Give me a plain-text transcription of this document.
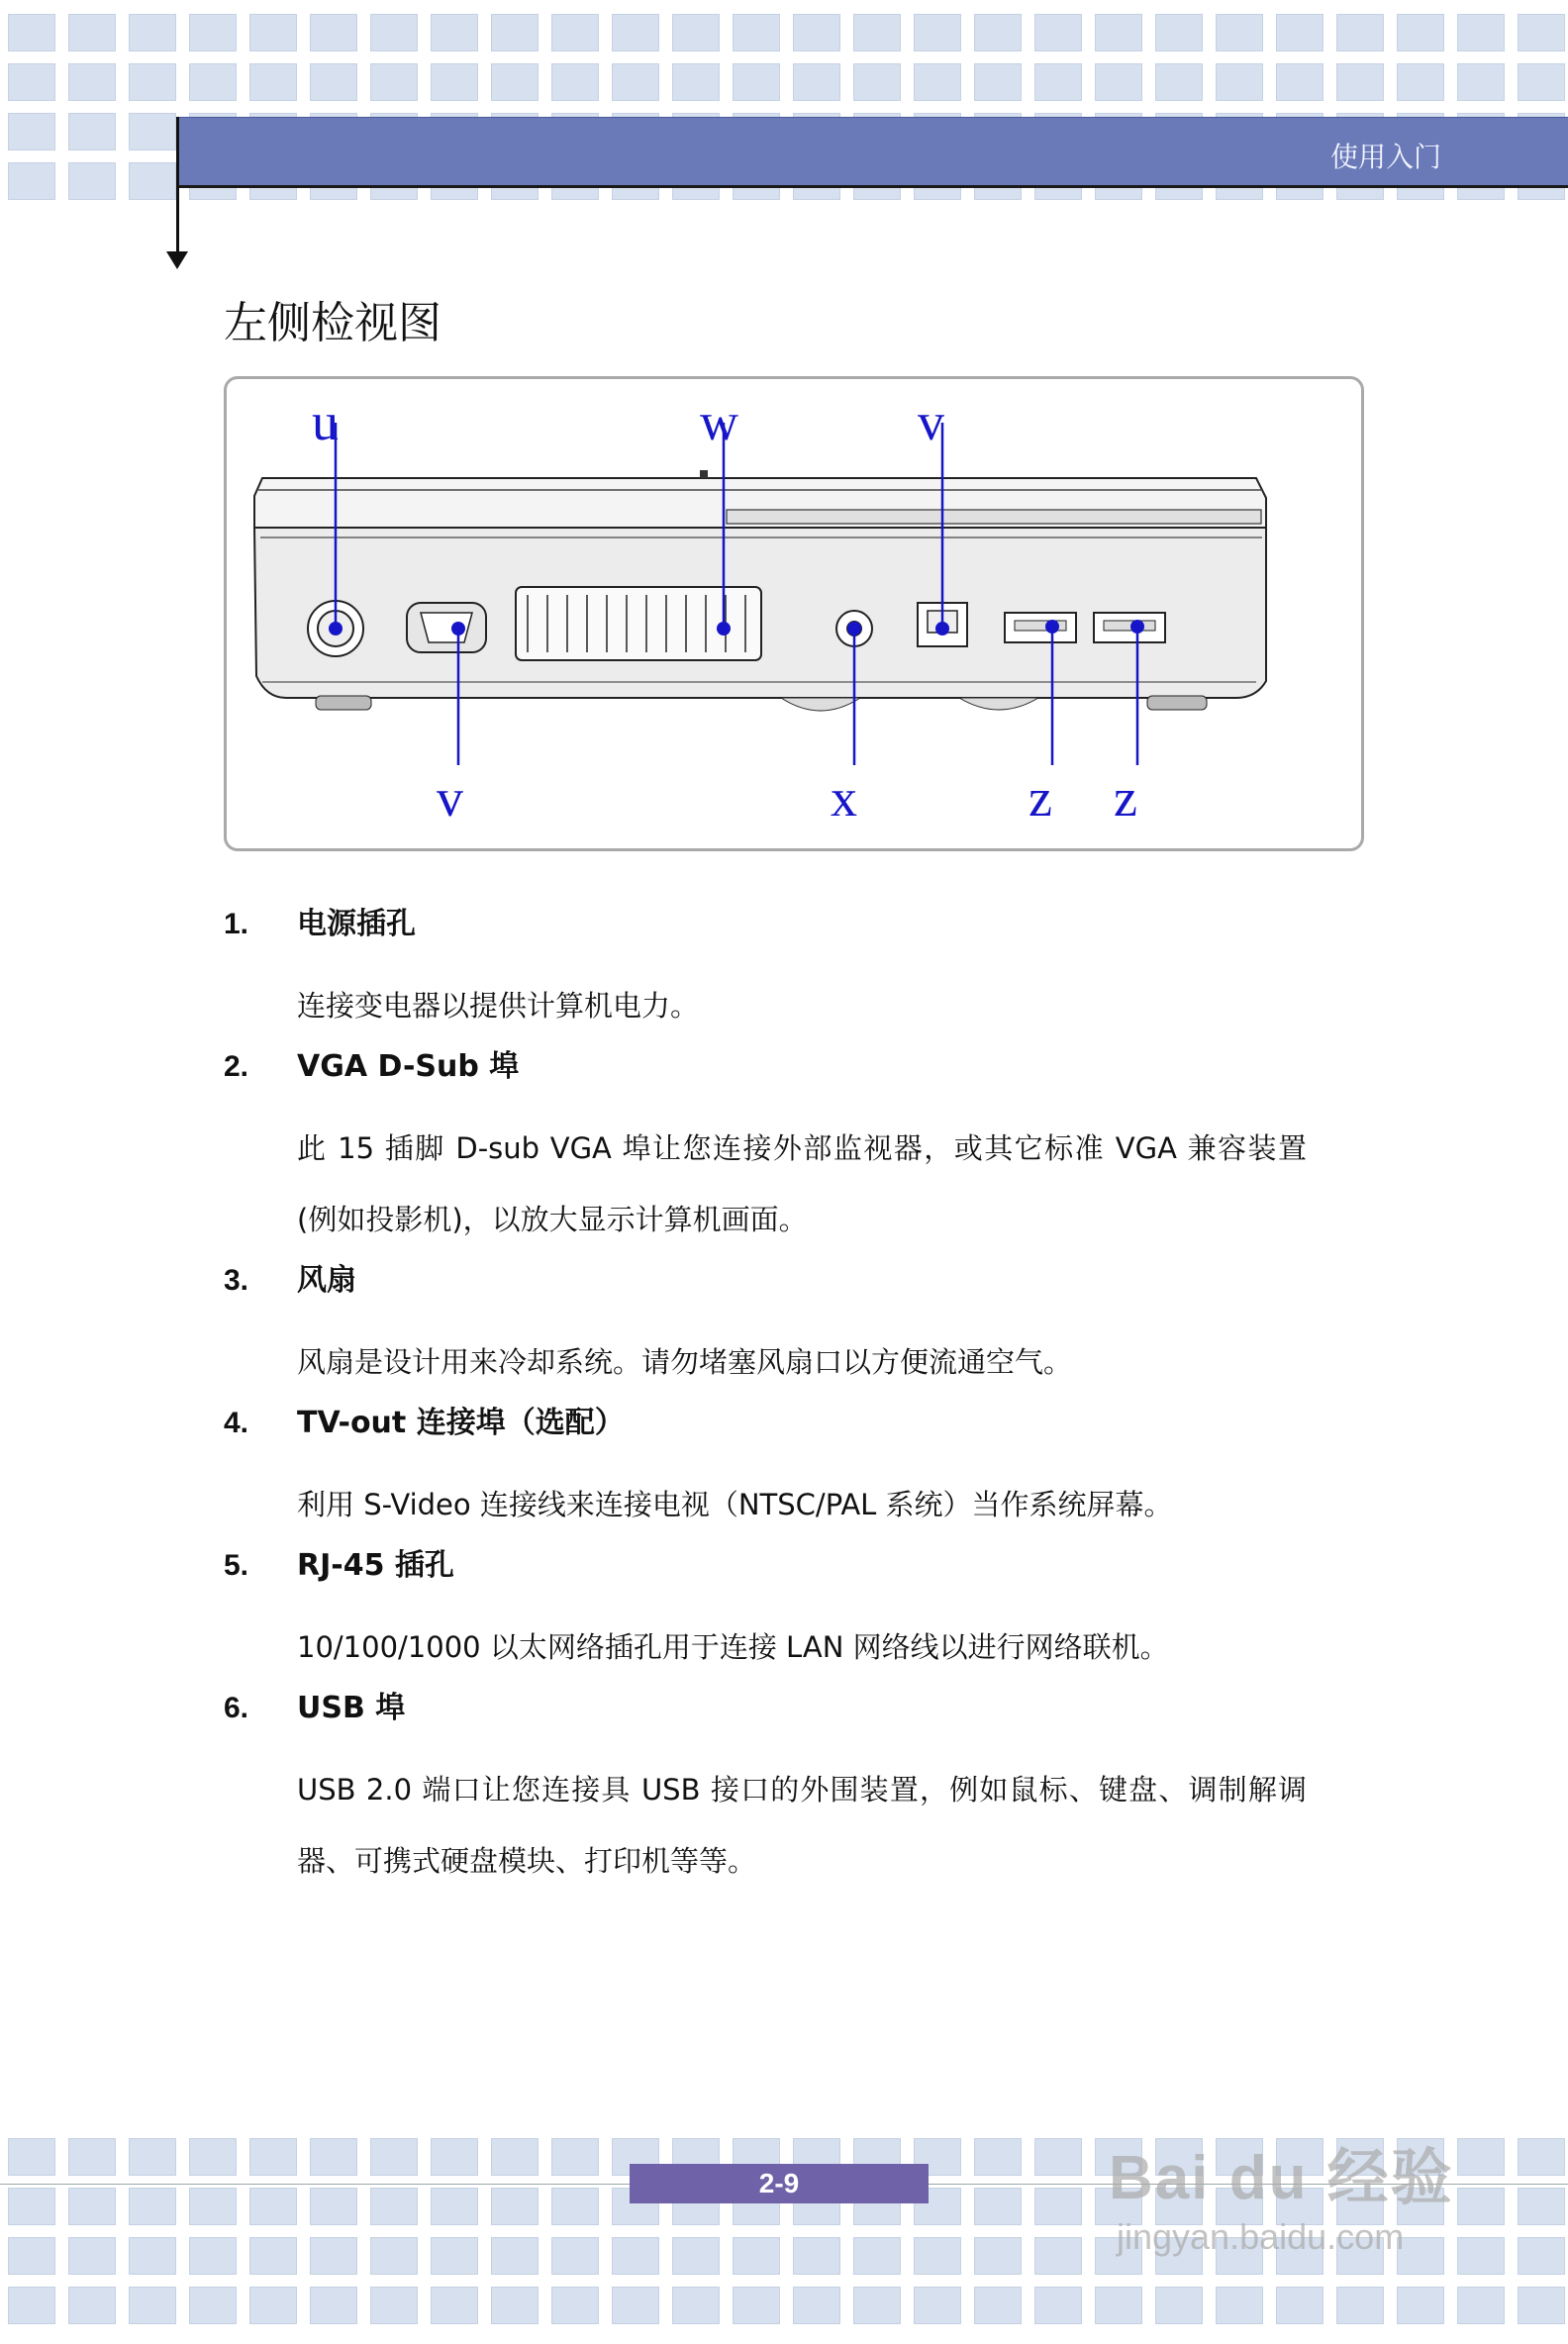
使用入门
左侧检视图
u	w	v
v	x	z z
1.	电源插孔
连接变电器以提供计算机电力。
2.	VGA D-Sub 埠
此 15 插脚 D-sub VGA 埠让您连接外部监视器，或其它标准 VGA 兼容装置 (例如投影机)，以放大显示计算机画面。
3.	风扇
风扇是设计用来冷却系统。请勿堵塞风扇口以方便流通空气。
4.	TV-out 连接埠（选配）
利用 S-Video 连接线来连接电视（NTSC/PAL 系统）当作系统屏幕。
5.	RJ-45 插孔
10/100/1000 以太网络插孔用于连接 LAN 网络线以进行网络联机。
6.	USB 埠
USB 2.0 端口让您连接具 USB 接口的外围装置，例如鼠标、键盘、调制解调器、可携式硬盘模块、打印机等等。
2-9	Bai du 经验
jingyan.baidu.com
